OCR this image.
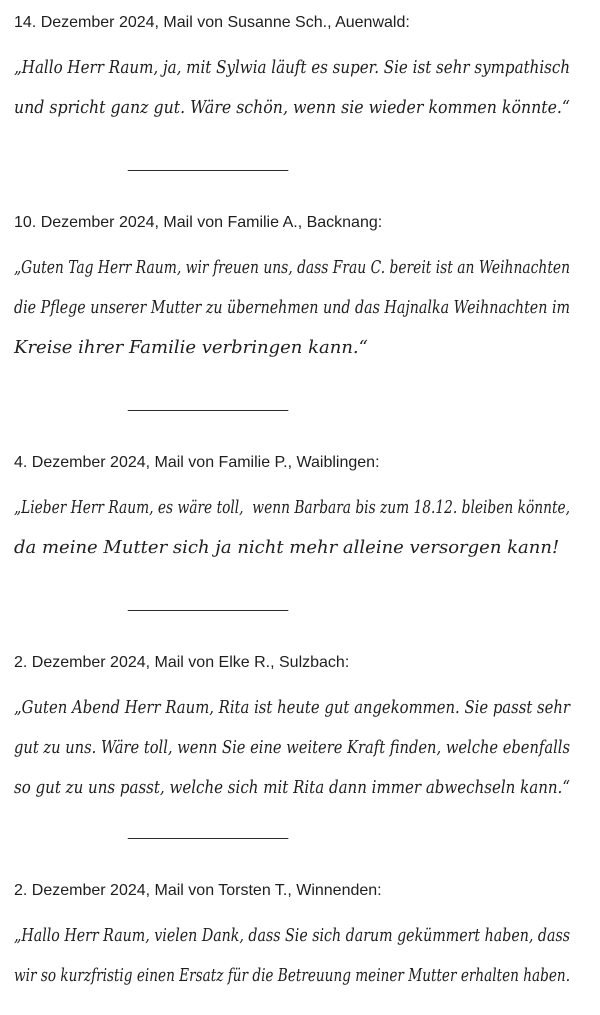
14. Dezember 2024, Mail von Susanne Sch., Auenwald:
„Hallo Herr Raum, ja, mit Sylwia läuft es super. Sie ist sehr sympathisch
und spricht ganz gut. Wäre schön, wenn sie wieder kommen könnte.“
__________________
10. Dezember 2024, Mail von Familie A., Backnang:
„Guten Tag Herr Raum, wir freuen uns, dass Frau C. bereit ist an Weihnachten
die Pflege unserer Mutter zu übernehmen und das Hajnalka Weihnachten im
Kreise ihrer Familie verbringen kann.“
__________________
4. Dezember 2024, Mail von Familie P., Waiblingen:
„Lieber Herr Raum, es wäre toll,  wenn Barbara bis zum 18.12. bleiben könnte,
da meine Mutter sich ja nicht mehr alleine versorgen kann!
__________________
2. Dezember 2024, Mail von Elke R., Sulzbach:
„Guten Abend Herr Raum, Rita ist heute gut angekommen. Sie passt sehr
gut zu uns. Wäre toll, wenn Sie eine weitere Kraft finden, welche ebenfalls
so gut zu uns passt, welche sich mit Rita dann immer abwechseln kann.“
__________________
2. Dezember 2024, Mail von Torsten T., Winnenden:
„Hallo Herr Raum, vielen Dank, dass Sie sich darum gekümmert haben, dass
wir so kurzfristig einen Ersatz für die Betreuung meiner Mutter erhalten haben.
